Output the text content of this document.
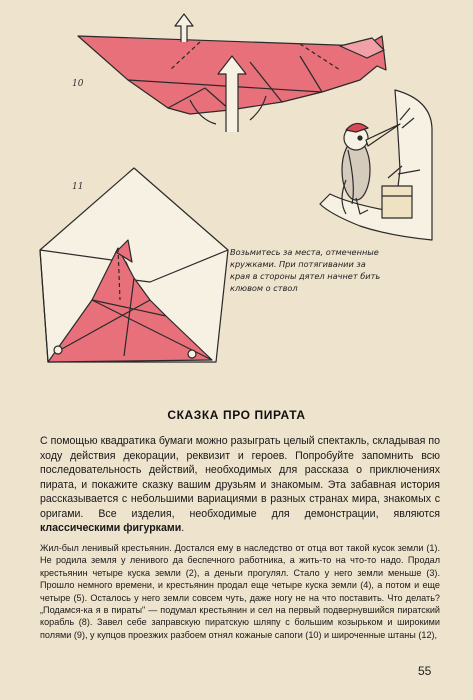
10
11
Возьмитесь за места, отмеченные
кружками. При потягивании за
края в стороны дятел начнет бить
клювом о ствол
СКАЗКА ПРО ПИРАТА
С помощью квадратика бумаги можно разыграть целый спектакль, складывая по ходу действия декорации, реквизит и героев. Попробуйте запомнить всю последовательность действий, необходимых для рассказа о приключениях пирата, и покажите сказку вашим друзьям и знакомым. Эта забавная история рассказывается с небольшими вариациями в разных странах мира, знакомых с оригами. Все изделия, необходимые для демонстрации, являются классическими фигурками.
Жил-был ленивый крестьянин. Достался ему в наследство от отца вот такой кусок земли (1). Не родила земля у ленивого да беспечного работника, а жить-то на что-то надо. Продал крестьянин четыре куска земли (2), а деньги прогулял. Стало у него земли меньше (3). Прошло немного времени, и крестьянин продал еще четыре куска земли (4), а потом и еще четыре (5). Осталось у него земли совсем чуть, даже ногу не на что поставить. Что делать? „Подамся-ка я в пираты" — подумал крестьянин и сел на первый подвернувшийся пиратский корабль (8). Завел себе заправскую пиратскую шляпу с большим козырьком и широкими полями (9), у купцов проезжих разбоем отнял кожаные сапоги (10) и широченные штаны (12),
55
